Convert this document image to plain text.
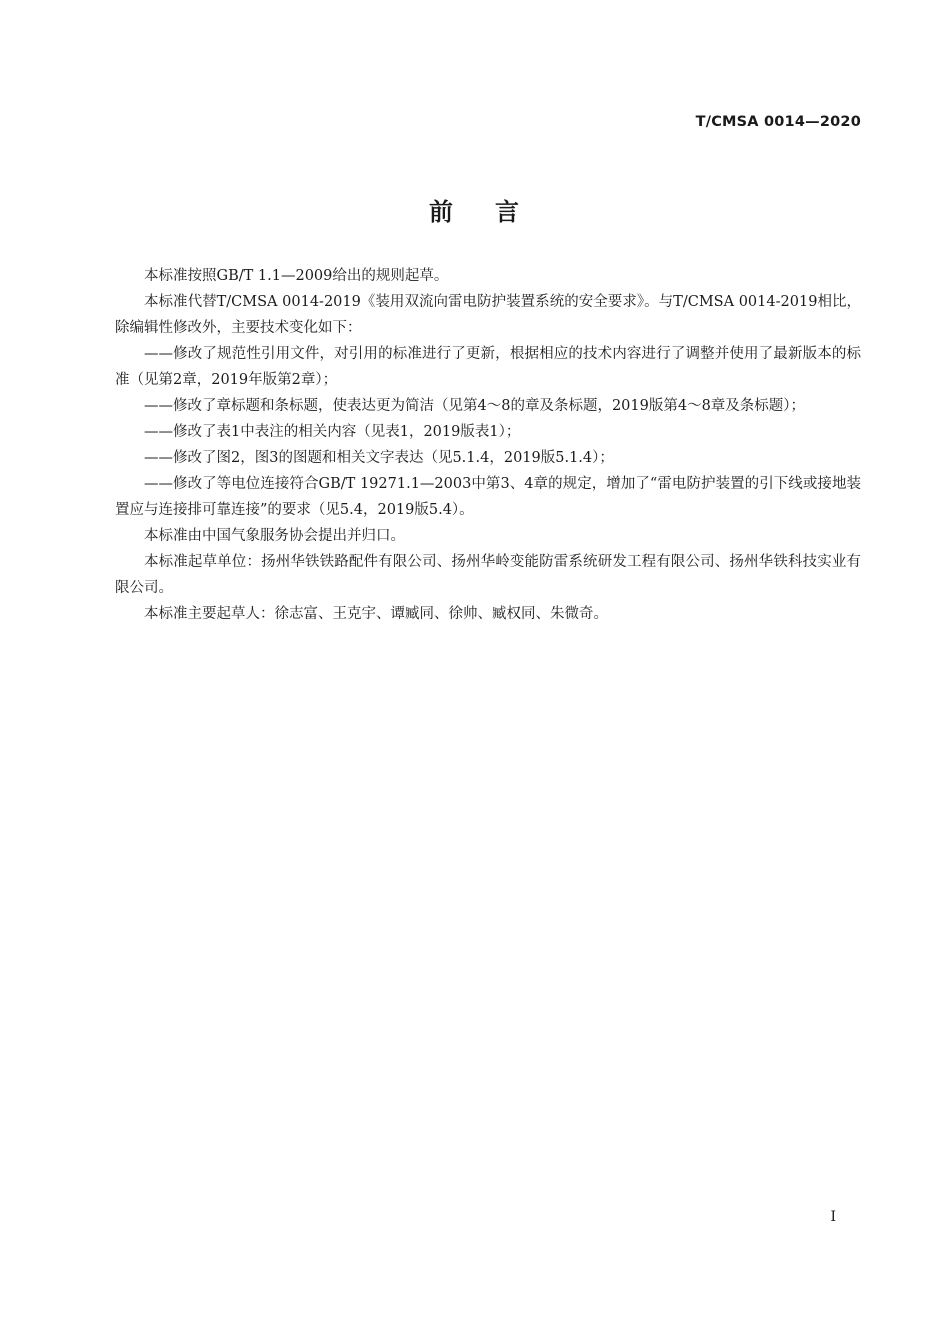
T/CMSA 0014—2020
前 言

本标准按照GB/T 1.1—2009给出的规则起草。

本标准代替T/CMSA 0014-2019《装用双流向雷电防护装置系统的安全要求》。与T/CMSA 0014-2019相比，除编辑性修改外，主要技术变化如下：

——修改了规范性引用文件，对引用的标准进行了更新，根据相应的技术内容进行了调整并使用了最新版本的标准（见第2章，2019年版第2章）；

——修改了章标题和条标题，使表达更为简洁（见第4～8的章及条标题，2019版第4～8章及条标题）；

——修改了表1中表注的相关内容（见表1，2019版表1）；

——修改了图2，图3的图题和相关文字表达（见5.1.4，2019版5.1.4）；

——修改了等电位连接符合GB/T 19271.1—2003中第3、4章的规定，增加了“雷电防护装置的引下线或接地装置应与连接排可靠连接”的要求（见5.4，2019版5.4）。

本标准由中国气象服务协会提出并归口。

本标准起草单位：扬州华铁铁路配件有限公司、扬州华岭变能防雷系统研发工程有限公司、扬州华铁科技实业有限公司。

本标准主要起草人：徐志富、王克宇、谭臧同、徐帅、臧权同、朱微奇。

I
